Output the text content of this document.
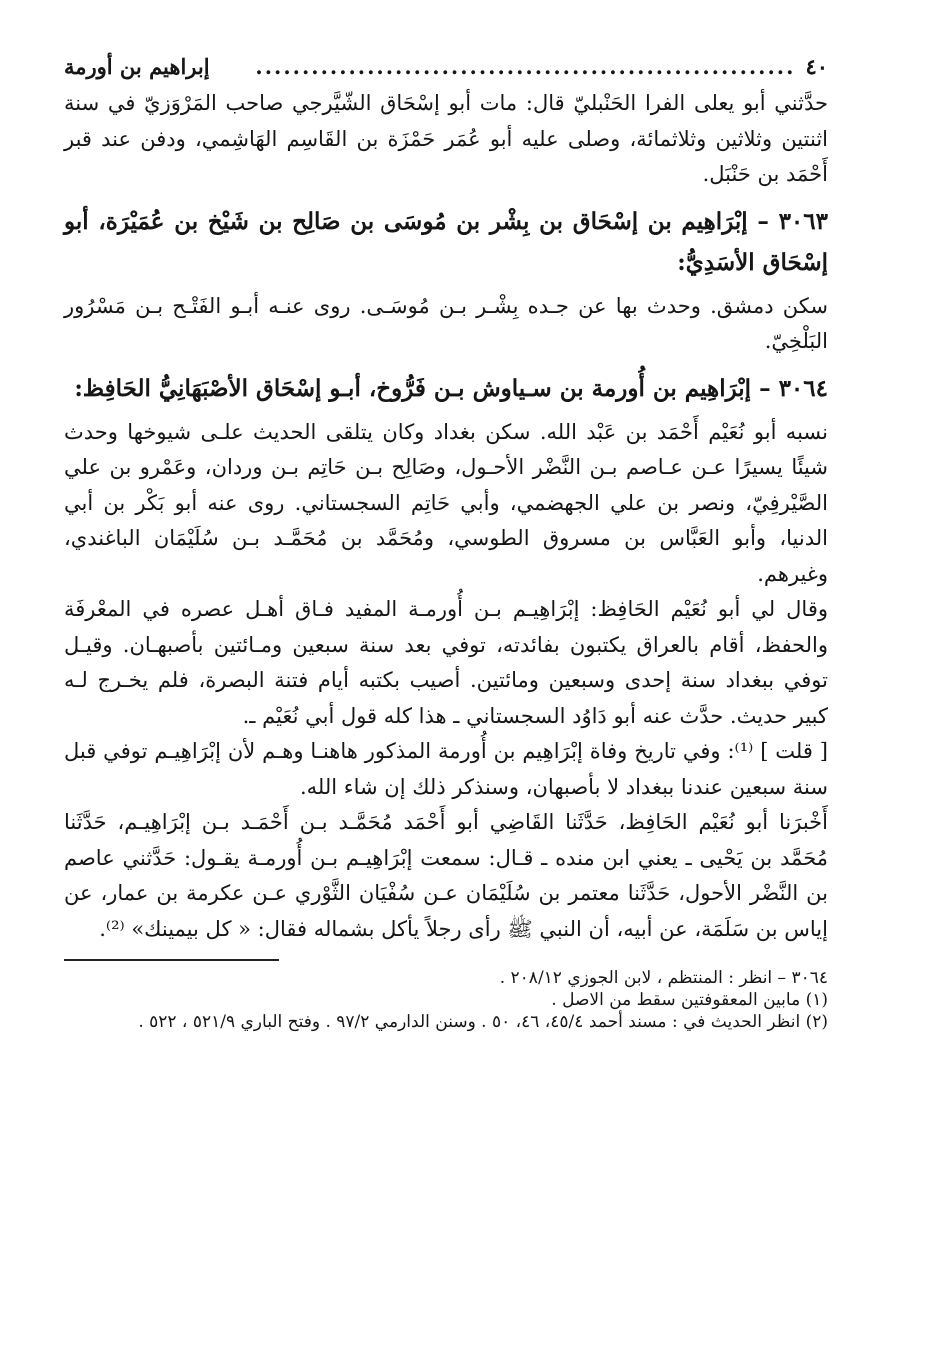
٤٠
..........................................................
إبراهيم بن أورمة

حدَّثني أبو يعلى الفرا الحَنْبليّ قال: مات أبو إسْحَاق الشّيَّرجي صاحب المَرْوَزيّ في سنة اثنتين وثلاثين وثلاثمائة، وصلى عليه أبو عُمَر حَمْزَة بن القَاسِم الهَاشِمي، ودفن عند قبر أَحْمَد بن حَنْبَل.

٣٠٦٣ – إبْرَاهِيم بن إسْحَاق بن بِشْر بن مُوسَى بن صَالِح بن شَيْخ بن عُمَيْرَة، أبو إسْحَاق الأسَدِيُّ:

سكن دمشق. وحدث بها عن جـده بِشْـر بـن مُوسَـى. روى عنـه أبـو الفَتْـح بـن مَسْرُور البَلْخِيّ.

٣٠٦٤ – إبْرَاهِيم بن أُورمة بن سـياوش بـن فَرُّوخ، أبـو إسْحَاق الأصْبَهَانِيُّ الحَافِظ:

نسبه أبو نُعَيْم أَحْمَد بن عَبْد الله. سكن بغداد وكان يتلقى الحديث علـى شيوخها وحدث شيئًا يسيرًا عـن عـاصم بـن النَّضْر الأحـول، وصَالِح بـن حَاتِم بـن وردان، وعَمْرو بن علي الصَّيْرفِيّ، ونصر بن علي الجهضمي، وأبي حَاتِم السجستاني. روى عنه أبو بَكْر بن أبي الدنيا، وأبو العَبَّاس بن مسروق الطوسي، ومُحَمَّد بن مُحَمَّـد بـن سُلَيْمَان الباغندي، وغيرهم.

وقال لي أبو نُعَيْم الحَافِظ: إبْرَاهِيـم بـن أُورمـة المفيد فـاق أهـل عصره في المعْرفَة والحفظ، أقام بالعراق يكتبون بفائدته، توفي بعد سنة سبعين ومـائتين بأصبهـان. وقيـل توفي ببغداد سنة إحدى وسبعين ومائتين. أصيب بكتبه أيام فتنة البصرة، فلم يخـرج لـه كبير حديث. حدَّث عنه أبو دَاوُد السجستاني ـ هذا كله قول أبي نُعَيْم ـ.

[ قلت ] ⁽¹⁾: وفي تاريخ وفاة إبْرَاهِيم بن أُورمة المذكور هاهنـا وهـم لأن إبْرَاهِيـم توفي قبل سنة سبعين عندنا ببغداد لا بأصبهان، وسنذكر ذلك إن شاء الله.

أَخْبرَنا أبو نُعَيْم الحَافِظ، حَدَّثَنا القَاضِي أبو أَحْمَد مُحَمَّـد بـن أَحْمَـد بـن إبْرَاهِيـم، حَدَّثَنا مُحَمَّد بن يَحْيى ـ يعني ابن منده ـ قـال: سمعت إبْرَاهِيـم بـن أُورمـة يقـول: حَدَّثني عاصم بن النَّضْر الأحول، حَدَّثَنا معتمر بن سُلَيْمَان عـن سُفْيَان الثَّوْري عـن عكرمة بن عمار، عن إياس بن سَلَمَة، عن أبيه، أن النبي ﷺ رأى رجلاً يأكل بشماله فقال: « كل بيمينك» ⁽²⁾.

٣٠٦٤ – انظر : المنتظم ، لابن الجوزي ٢٠٨/١٢ .

(١) مابين المعقوفتين سقط من الاصل .

(٢) انظر الحديث في : مسند أحمد ٤٥/٤، ٤٦، ٥٠ . وسنن الدارمي ٩٧/٢ . وفتح الباري ٥٢١/٩ ، ٥٢٢ .
